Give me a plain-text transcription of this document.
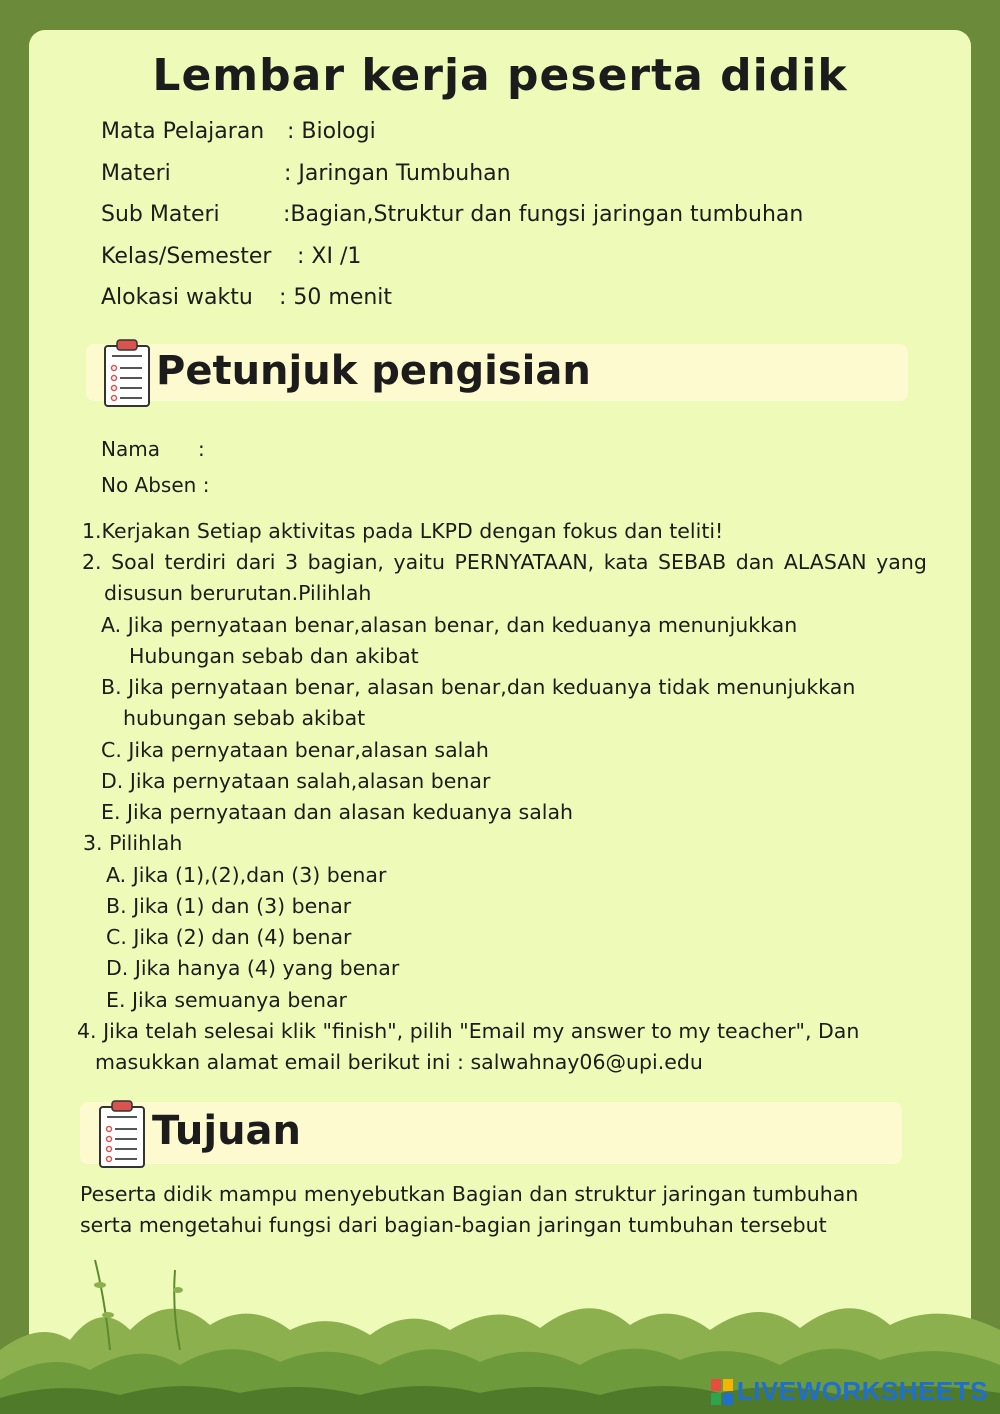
Lembar kerja peserta didik
Mata Pelajaran : Biologi
Materi	: Jaringan Tumbuhan
Sub Materi	:Bagian,Struktur dan fungsi jaringan tumbuhan
Kelas/Semester : XI /1
Alokasi waktu : 50 menit
Petunjuk pengisian
Nama :
No Absen :
1.Kerjakan Setiap aktivitas pada LKPD dengan fokus dan teliti!
2. Soal terdiri dari 3 bagian, yaitu PERNYATAAN, kata SEBAB dan ALASAN yang
disusun berurutan.Pilihlah
A. Jika pernyataan benar,alasan benar, dan keduanya menunjukkan
Hubungan sebab dan akibat
B. Jika pernyataan benar, alasan benar,dan keduanya tidak menunjukkan
hubungan sebab akibat
C. Jika pernyataan benar,alasan salah
D. Jika pernyataan salah,alasan benar
E. Jika pernyataan dan alasan keduanya salah
3. Pilihlah
A. Jika (1),(2),dan (3) benar
B. Jika (1) dan (3) benar
C. Jika (2) dan (4) benar
D. Jika hanya (4) yang benar
E. Jika semuanya benar
4. Jika telah selesai klik "finish", pilih "Email my answer to my teacher", Dan
masukkan alamat email berikut ini : salwahnay06@upi.edu
Tujuan
Peserta didik mampu menyebutkan Bagian dan struktur jaringan tumbuhan
serta mengetahui fungsi dari bagian-bagian jaringan tumbuhan tersebut
LIVEWORKSHEETS
